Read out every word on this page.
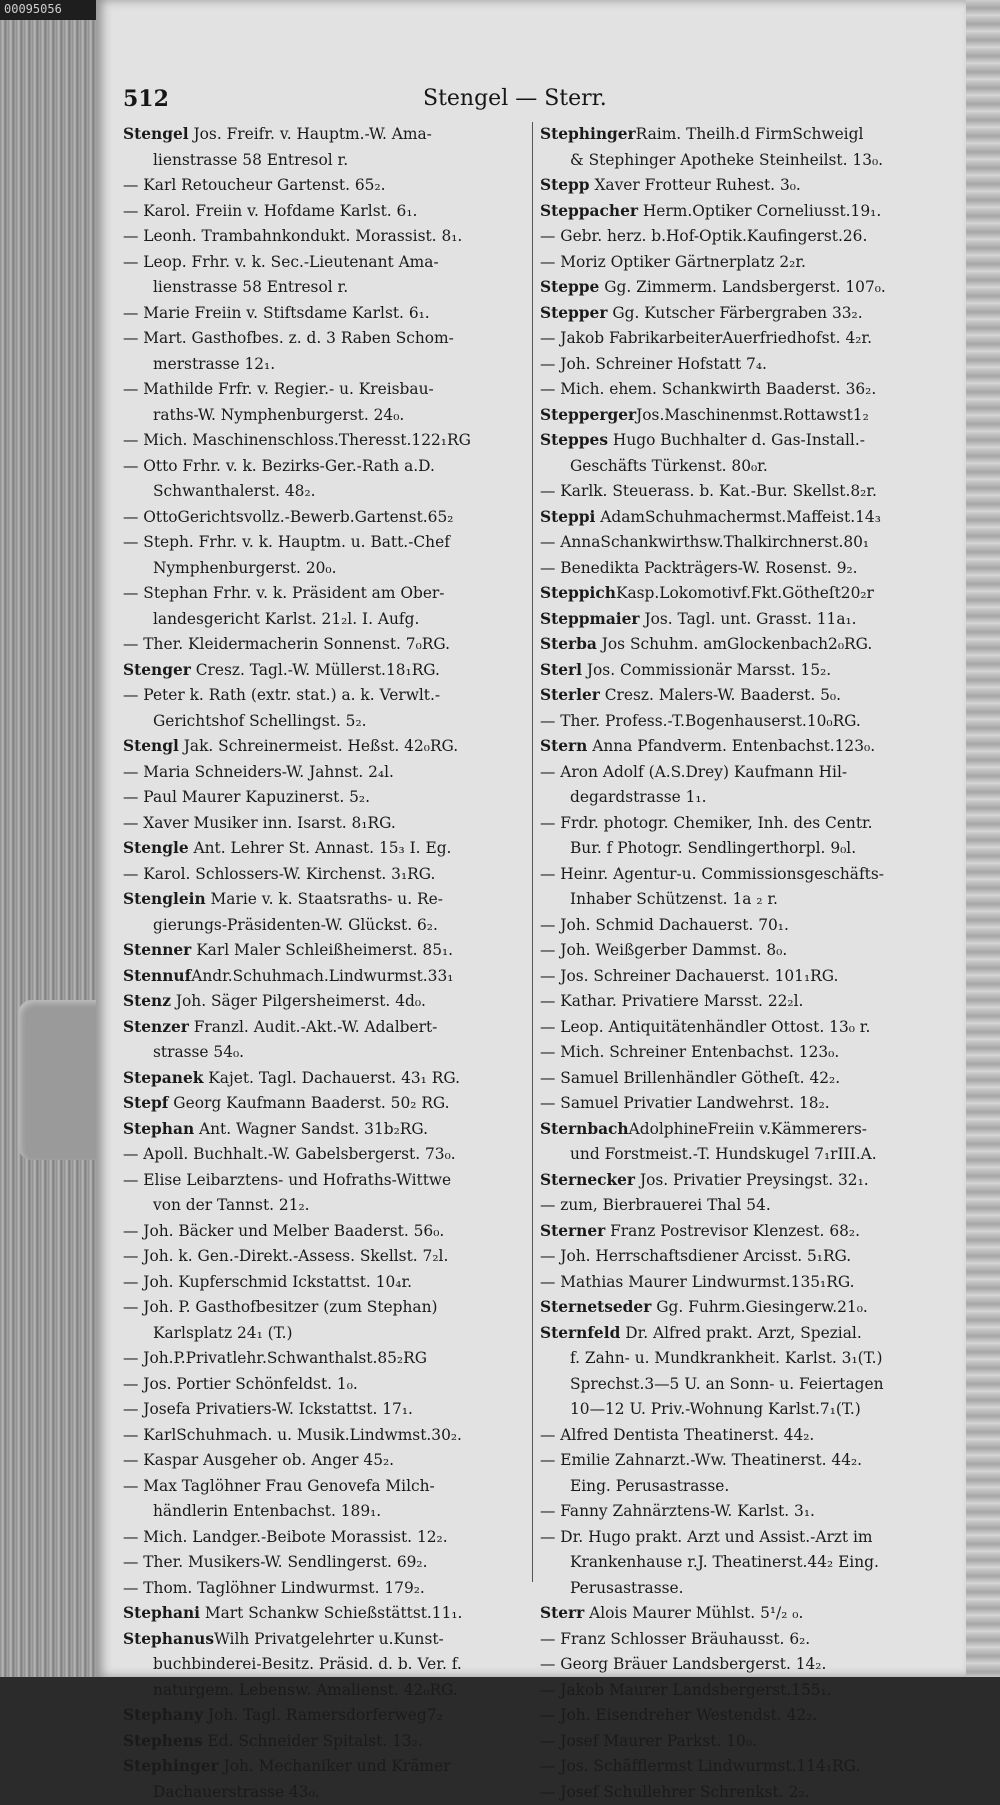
00095056
512	Stengel — Sterr.
Stengel Jos. Freifr. v. Hauptm.-W. Ama-
lienstrasse 58 Entresol r.
— Karl Retoucheur Gartenst. 65₂.
— Karol. Freiin v. Hofdame Karlst. 6₁.
— Leonh. Trambahnkondukt. Morassist. 8₁.
— Leop. Frhr. v. k. Sec.-Lieutenant Ama-
lienstrasse 58 Entresol r.
— Marie Freiin v. Stiftsdame Karlst. 6₁.
— Mart. Gasthofbes. z. d. 3 Raben Schom-
merstrasse 12₁.
— Mathilde Frfr. v. Regier.- u. Kreisbau-
raths-W. Nymphenburgerst. 24₀.
— Mich. Maschinenschloss.Theresst.122₁RG
— Otto Frhr. v. k. Bezirks-Ger.-Rath a.D.
Schwanthalerst. 48₂.
— OttoGerichtsvollz.-Bewerb.Gartenst.65₂
— Steph. Frhr. v. k. Hauptm. u. Batt.-Chef
Nymphenburgerst. 20₀.
— Stephan Frhr. v. k. Präsident am Ober-
landesgericht Karlst. 21₂l. I. Aufg.
— Ther. Kleidermacherin Sonnenst. 7₀RG.
Stenger Cresz. Tagl.-W. Müllerst.18₁RG.
— Peter k. Rath (extr. stat.) a. k. Verwlt.-
Gerichtshof Schellingst. 5₂.
Stengl Jak. Schreinermeist. Heßst. 42₀RG.
— Maria Schneiders-W. Jahnst. 2₄l.
— Paul Maurer Kapuzinerst. 5₂.
— Xaver Musiker inn. Isarst. 8₁RG.
Stengle Ant. Lehrer St. Annast. 15₃ I. Eg.
— Karol. Schlossers-W. Kirchenst. 3₁RG.
Stenglein Marie v. k. Staatsraths- u. Re-
gierungs-Präsidenten-W. Glückst. 6₂.
Stenner Karl Maler Schleißheimerst. 85₁.
StennufAndr.Schuhmach.Lindwurmst.33₁
Stenz Joh. Säger Pilgersheimerst. 4d₀.
Stenzer Franzl. Audit.-Akt.-W. Adalbert-
strasse 54₀.
Stepanek Kajet. Tagl. Dachauerst. 43₁ RG.
Stepf Georg Kaufmann Baaderst. 50₂ RG.
Stephan Ant. Wagner Sandst. 31b₂RG.
— Apoll. Buchhalt.-W. Gabelsbergerst. 73₀.
— Elise Leibarztens- und Hofraths-Wittwe
von der Tannst. 21₂.
— Joh. Bäcker und Melber Baaderst. 56₀.
— Joh. k. Gen.-Direkt.-Assess. Skellst. 7₂l.
— Joh. Kupferschmid Ickstattst. 10₄r.
— Joh. P. Gasthofbesitzer (zum Stephan)
Karlsplatz 24₁ (T.)
— Joh.P.Privatlehr.Schwanthalst.85₂RG
— Jos. Portier Schönfeldst. 1₀.
— Josefa Privatiers-W. Ickstattst. 17₁.
— KarlSchuhmach. u. Musik.Lindwmst.30₂.
— Kaspar Ausgeher ob. Anger 45₂.
— Max Taglöhner Frau Genovefa Milch-
händlerin Entenbachst. 189₁.
— Mich. Landger.-Beibote Morassist. 12₂.
— Ther. Musikers-W. Sendlingerst. 69₂.
— Thom. Taglöhner Lindwurmst. 179₂.
Stephani Mart Schankw Schießstättst.11₁.
StephanusWilh Privatgelehrter u.Kunst-
buchbinderei-Besitz. Präsid. d. b. Ver. f.
naturgem. Lebensw. Amalienst. 42₀RG.
Stephany Joh. Tagl. Ramersdorferweg7₂
Stephens Ed. Schneider Spitalst. 13₂.
Stephinger Joh. Mechaniker und Krämer
Dachauerstrasse 43₀.
StephingerRaim. Theilh.d FirmSchweigl
& Stephinger Apotheke Steinheilst. 13₀.
Stepp Xaver Frotteur Ruhest. 3₀.
Steppacher Herm.Optiker Corneliusst.19₁.
— Gebr. herz. b.Hof-Optik.Kaufingerst.26.
— Moriz Optiker Gärtnerplatz 2₂r.
Steppe Gg. Zimmerm. Landsbergerst. 107₀.
Stepper Gg. Kutscher Färbergraben 33₂.
— Jakob FabrikarbeiterAuerfriedhofst. 4₂r.
— Joh. Schreiner Hofstatt 7₄.
— Mich. ehem. Schankwirth Baaderst. 36₂.
SteppergerJos.Maschinenmst.Rottawst1₂
Steppes Hugo Buchhalter d. Gas-Install.-
Geschäfts Türkenst. 80₀r.
— Karlk. Steuerass. b. Kat.-Bur. Skellst.8₂r.
Steppi AdamSchuhmachermst.Maffeist.14₃
— AnnaSchankwirthsw.Thalkirchnerst.80₁
— Benedikta Packträgers-W. Rosenst. 9₂.
SteppichKasp.Lokomotivf.Fkt.Götheſt20₂r
Steppmaier Jos. Tagl. unt. Grasst. 11a₁.
Sterba Jos Schuhm. amGlockenbach2₀RG.
Sterl Jos. Commissionär Marsst. 15₂.
Sterler Cresz. Malers-W. Baaderst. 5₀.
— Ther. Profess.-T.Bogenhauserst.10₀RG.
Stern Anna Pfandverm. Entenbachst.123₀.
— Aron Adolf (A.S.Drey) Kaufmann Hil-
degardstrasse 1₁.
— Frdr. photogr. Chemiker, Inh. des Centr.
Bur. f Photogr. Sendlingerthorpl. 9₀l.
— Heinr. Agentur-u. Commissionsgeschäfts-
Inhaber Schützenst. 1a ₂ r.
— Joh. Schmid Dachauerst. 70₁.
— Joh. Weißgerber Dammst. 8₀.
— Jos. Schreiner Dachauerst. 101₁RG.
— Kathar. Privatiere Marsst. 22₂l.
— Leop. Antiquitätenhändler Ottost. 13₀ r.
— Mich. Schreiner Entenbachst. 123₀.
— Samuel Brillenhändler Götheſt. 42₂.
— Samuel Privatier Landwehrst. 18₂.
SternbachAdolphineFreiin v.Kämmerers-
und Forstmeist.-T. Hundskugel 7₁rIII.A.
Sternecker Jos. Privatier Preysingst. 32₁.
— zum, Bierbrauerei Thal 54.
Sterner Franz Postrevisor Klenzest. 68₂.
— Joh. Herrschaftsdiener Arcisst. 5₁RG.
— Mathias Maurer Lindwurmst.135₁RG.
Sternetseder Gg. Fuhrm.Giesingerw.21₀.
Sternfeld Dr. Alfred prakt. Arzt, Spezial.
f. Zahn- u. Mundkrankheit. Karlst. 3₁(T.)
Sprechst.3—5 U. an Sonn- u. Feiertagen
10—12 U. Priv.-Wohnung Karlst.7₁(T.)
— Alfred Dentista Theatinerst. 44₂.
— Emilie Zahnarzt.-Ww. Theatinerst. 44₂.
Eing. Perusastrasse.
— Fanny Zahnärztens-W. Karlst. 3₁.
— Dr. Hugo prakt. Arzt und Assist.-Arzt im
Krankenhause r.J. Theatinerst.44₂ Eing.
Perusastrasse.
Sterr Alois Maurer Mühlst. 5¹/₂ ₀.
— Franz Schlosser Bräuhausst. 6₂.
— Georg Bräuer Landsbergerst. 14₂.
— Jakob Maurer Landsbergerst.155₁.
— Joh. Eisendreher Westendst. 42₂.
— Josef Maurer Parkst. 10₀.
— Jos. Schäfflermst Lindwurmst.114₁RG.
— Josef Schullehrer Schrenkst. 2₂.
